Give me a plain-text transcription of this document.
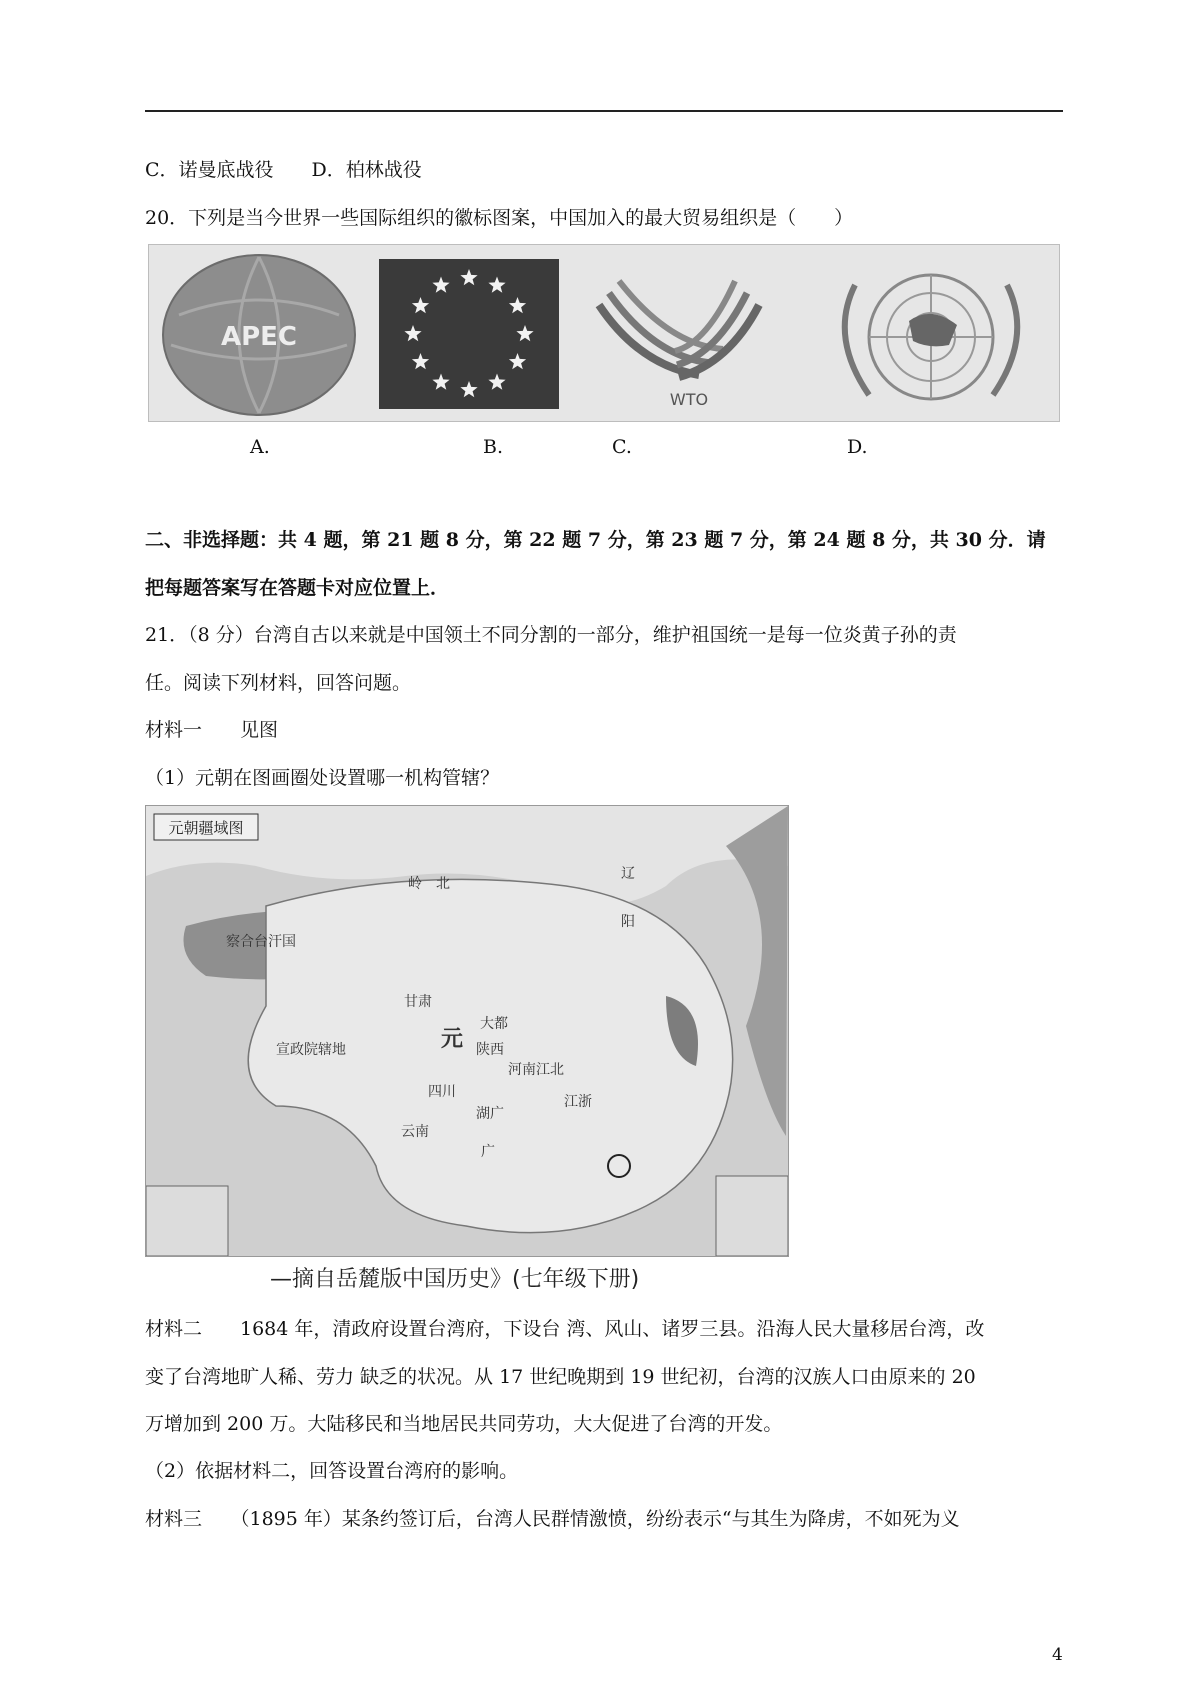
C．诺曼底战役　　D．柏林战役
20．下列是当今世界一些国际组织的徽标图案，中国加入的最大贸易组织是（　　）
APEC
WTO
A.	B.	C.	D.
二、非选择题：共 4 题，第 21 题 8 分，第 22 题 7 分，第 23 题 7 分，第 24 题 8 分，共 30 分．请
把每题答案写在答题卡对应位置上．
21．（8 分）台湾自古以来就是中国领土不同分割的一部分，维护祖国统一是每一位炎黄子孙的责
任。阅读下列材料，回答问题。
材料一　　见图
（1）元朝在图画圈处设置哪一机构管辖？
元朝疆域图
岭　北
辽
阳
察合台汗国
甘肃
大都
宣政院辖地	元 陕西
河南江北
四川
云南
湖广
江浙
广
—摘自岳麓版中国历史》(七年级下册)
材料二　　1684 年，清政府设置台湾府，下设台 湾、风山、诸罗三县。沿海人民大量移居台湾，改
变了台湾地旷人稀、劳力 缺乏的状况。从 17 世纪晚期到 19 世纪初，台湾的汉族人口由原来的 20
万增加到 200 万。大陆移民和当地居民共同劳功，大大促进了台湾的开发。
（2）依据材料二，回答设置台湾府的影响。
材料三　　（1895 年）某条约签订后，台湾人民群情激愤，纷纷表示“与其生为降虏，不如死为义
4
